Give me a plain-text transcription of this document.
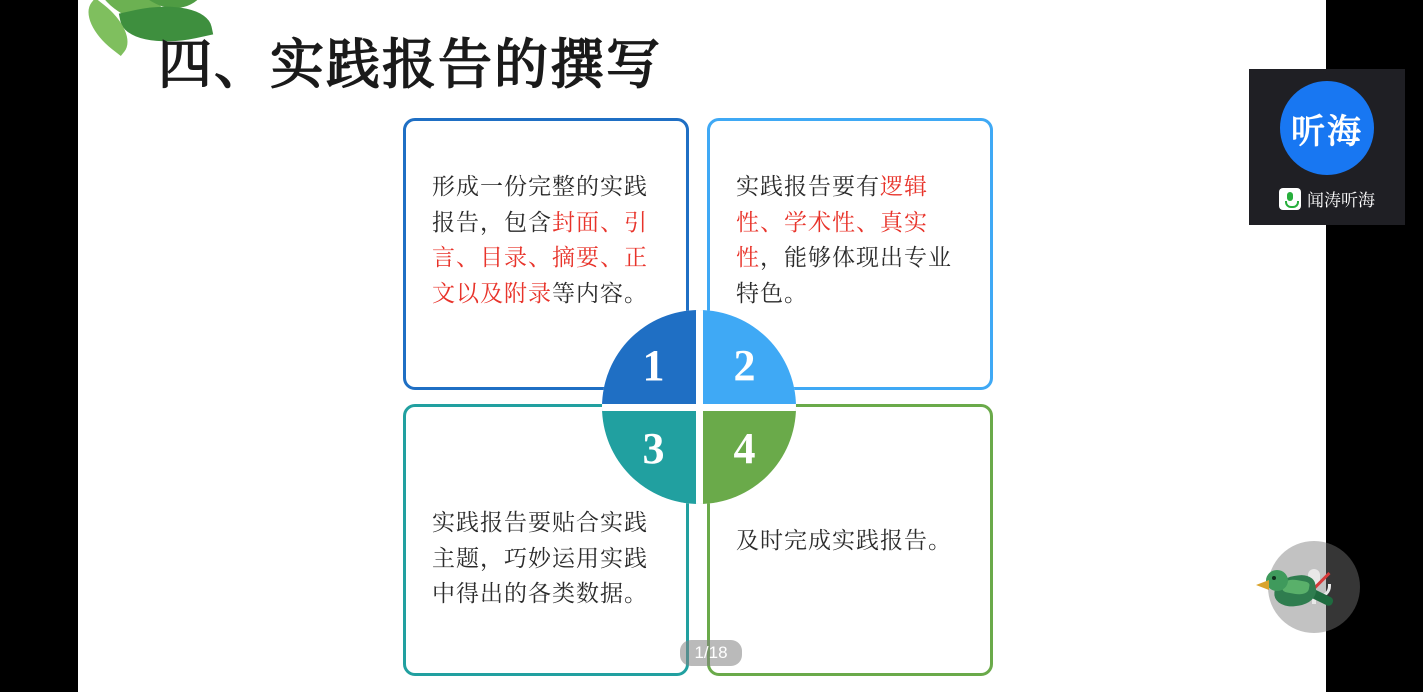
四、实践报告的撰写
形成一份完整的实践报告，包含封面、引言、目录、摘要、正文以及附录等内容。
实践报告要有逻辑性、学术性、真实性，能够体现出专业特色。
实践报告要贴合实践主题，巧妙运用实践中得出的各类数据。
及时完成实践报告。
1	2
3	4
1/18
听海
闻涛听海
